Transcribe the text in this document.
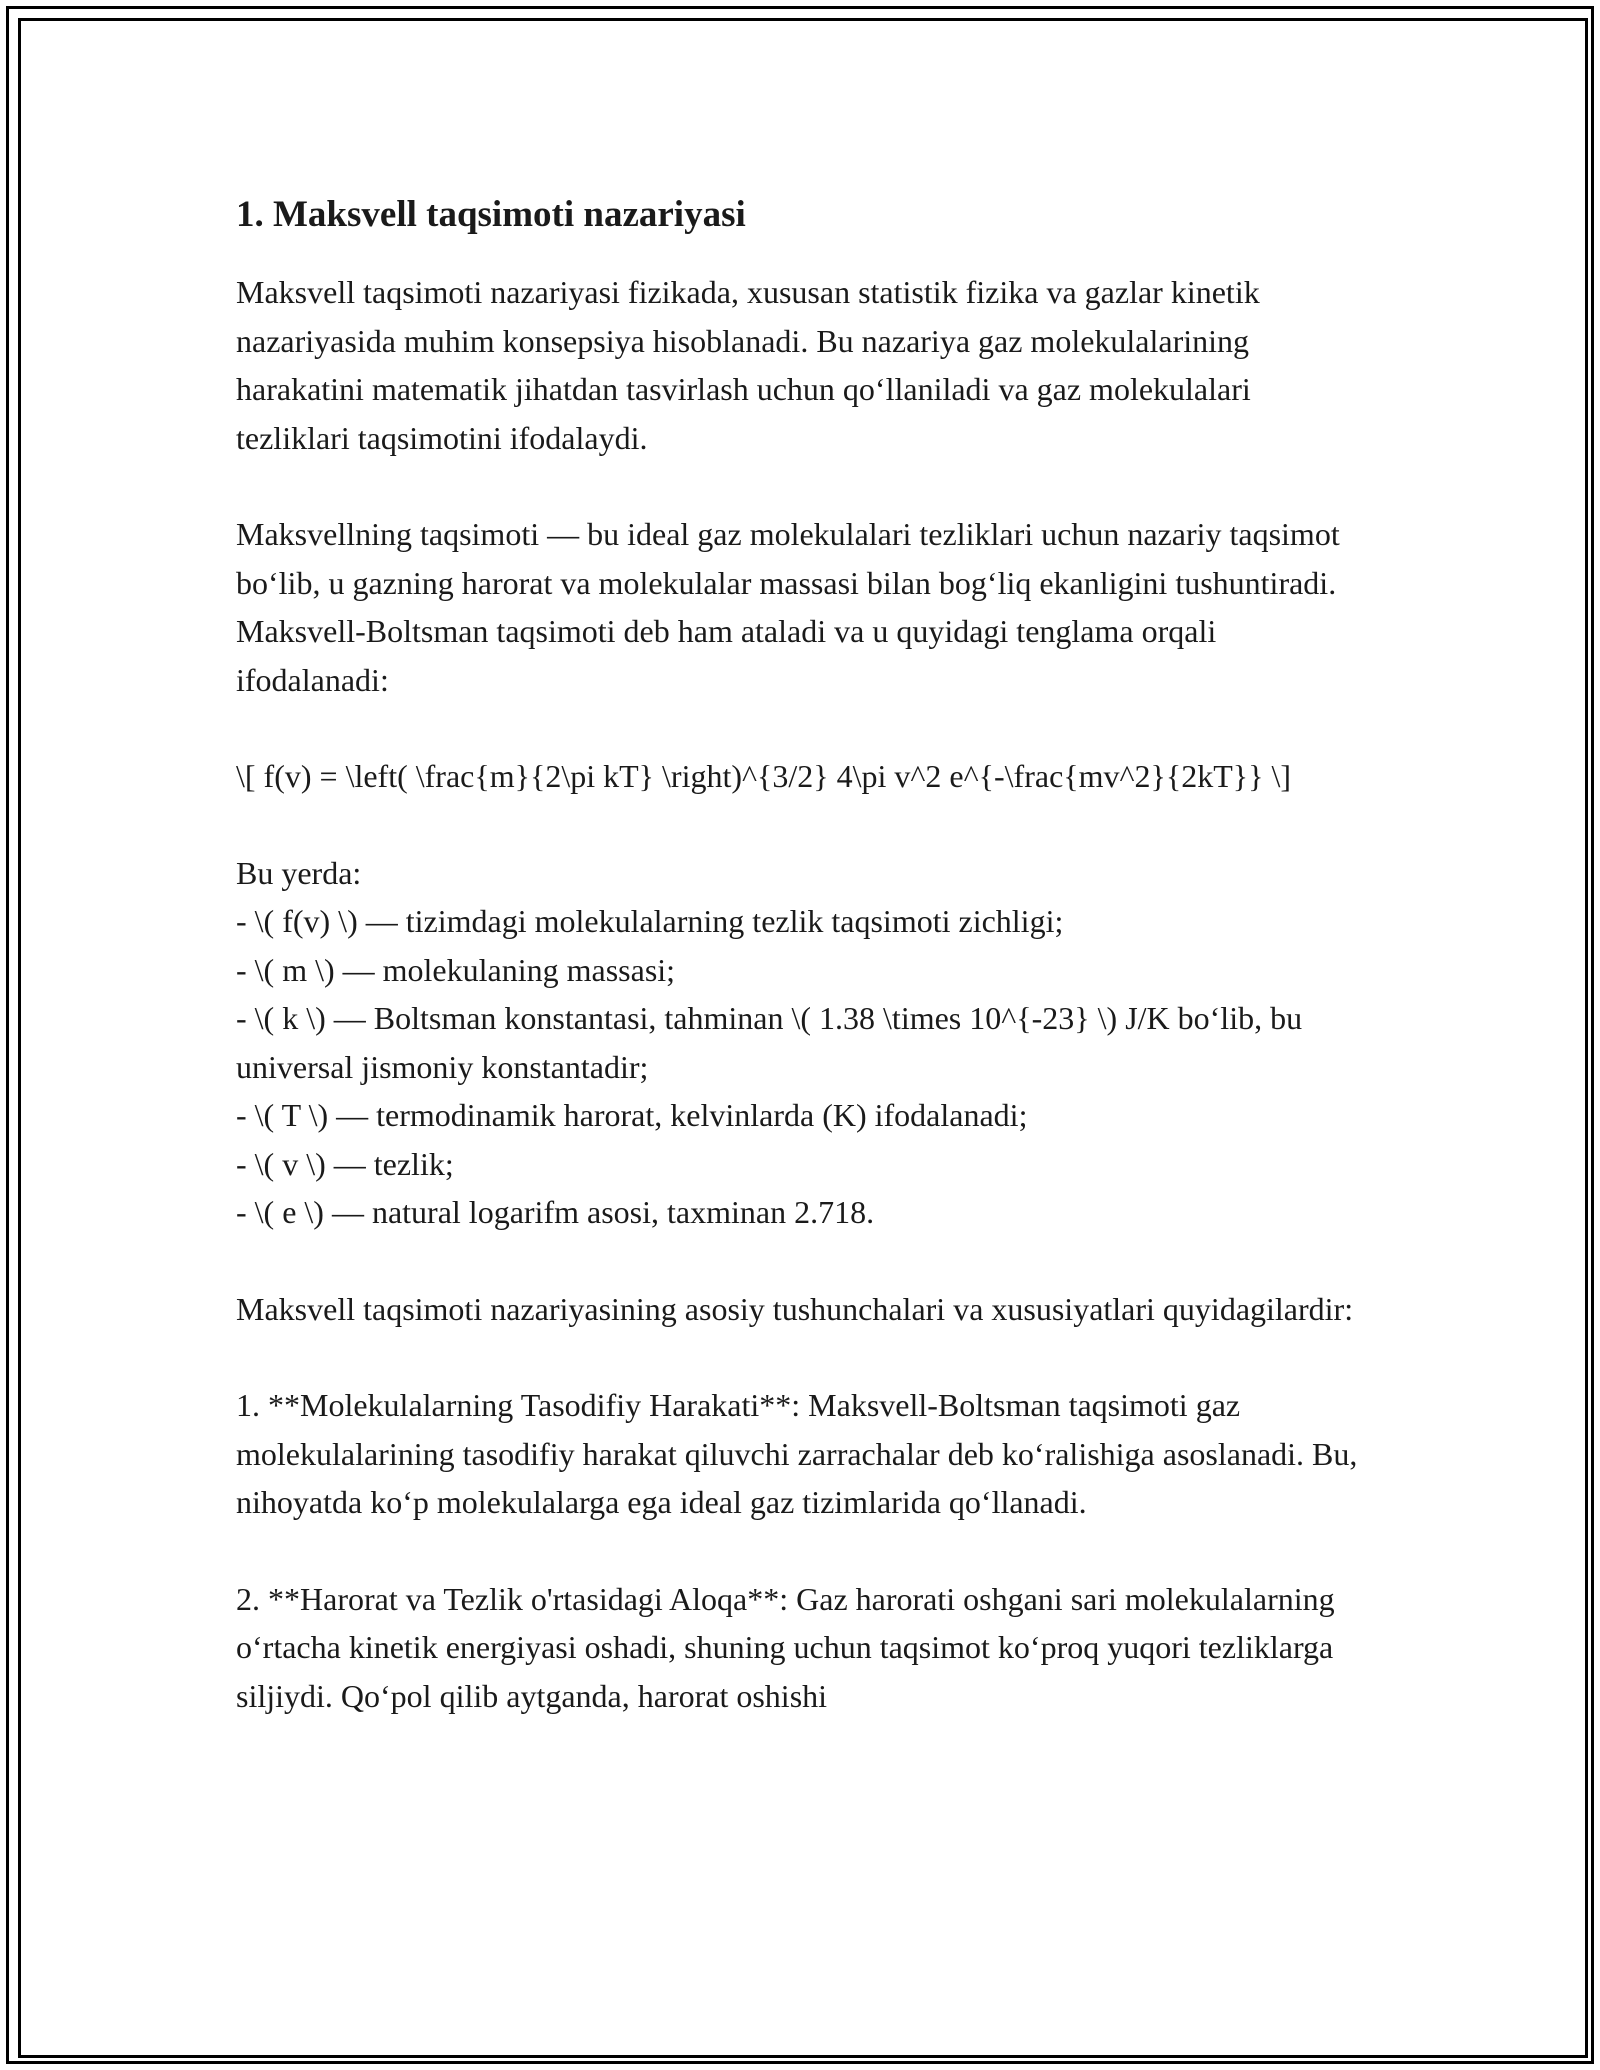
1. Maksvell taqsimoti nazariyasi

Maksvell taqsimoti nazariyasi fizikada, xususan statistik fizika va gazlar kinetik nazariyasida muhim konsepsiya hisoblanadi. Bu nazariya gaz molekulalarining harakatini matematik jihatdan tasvirlash uchun qo‘llaniladi va gaz molekulalari tezliklari taqsimotini ifodalaydi.

Maksvellning taqsimoti — bu ideal gaz molekulalari tezliklari uchun nazariy taqsimot bo‘lib, u gazning harorat va molekulalar massasi bilan bog‘liq ekanligini tushuntiradi. Maksvell-Boltsman taqsimoti deb ham ataladi va u quyidagi tenglama orqali ifodalanadi:

\[ f(v) = \left( \frac{m}{2\pi kT} \right)^{3/2} 4\pi v^2 e^{-\frac{mv^2}{2kT}} \]

Bu yerda:
- \( f(v) \) — tizimdagi molekulalarning tezlik taqsimoti zichligi;
- \( m \) — molekulaning massasi;
- \( k \) — Boltsman konstantasi, tahminan \( 1.38 \times 10^{-23} \) J/K bo‘lib, bu universal jismoniy konstantadir;
- \( T \) — termodinamik harorat, kelvinlarda (K) ifodalanadi;
- \( v \) — tezlik;
- \( e \) — natural logarifm asosi, taxminan 2.718.

Maksvell taqsimoti nazariyasining asosiy tushunchalari va xususiyatlari quyidagilardir:

1. **Molekulalarning Tasodifiy Harakati**: Maksvell-Boltsman taqsimoti gaz molekulalarining tasodifiy harakat qiluvchi zarrachalar deb ko‘ralishiga asoslanadi. Bu, nihoyatda ko‘p molekulalarga ega ideal gaz tizimlarida qo‘llanadi.

2. **Harorat va Tezlik o'rtasidagi Aloqa**: Gaz harorati oshgani sari molekulalarning o‘rtacha kinetik energiyasi oshadi, shuning uchun taqsimot ko‘proq yuqori tezliklarga siljiydi. Qo‘pol qilib aytganda, harorat oshishi
